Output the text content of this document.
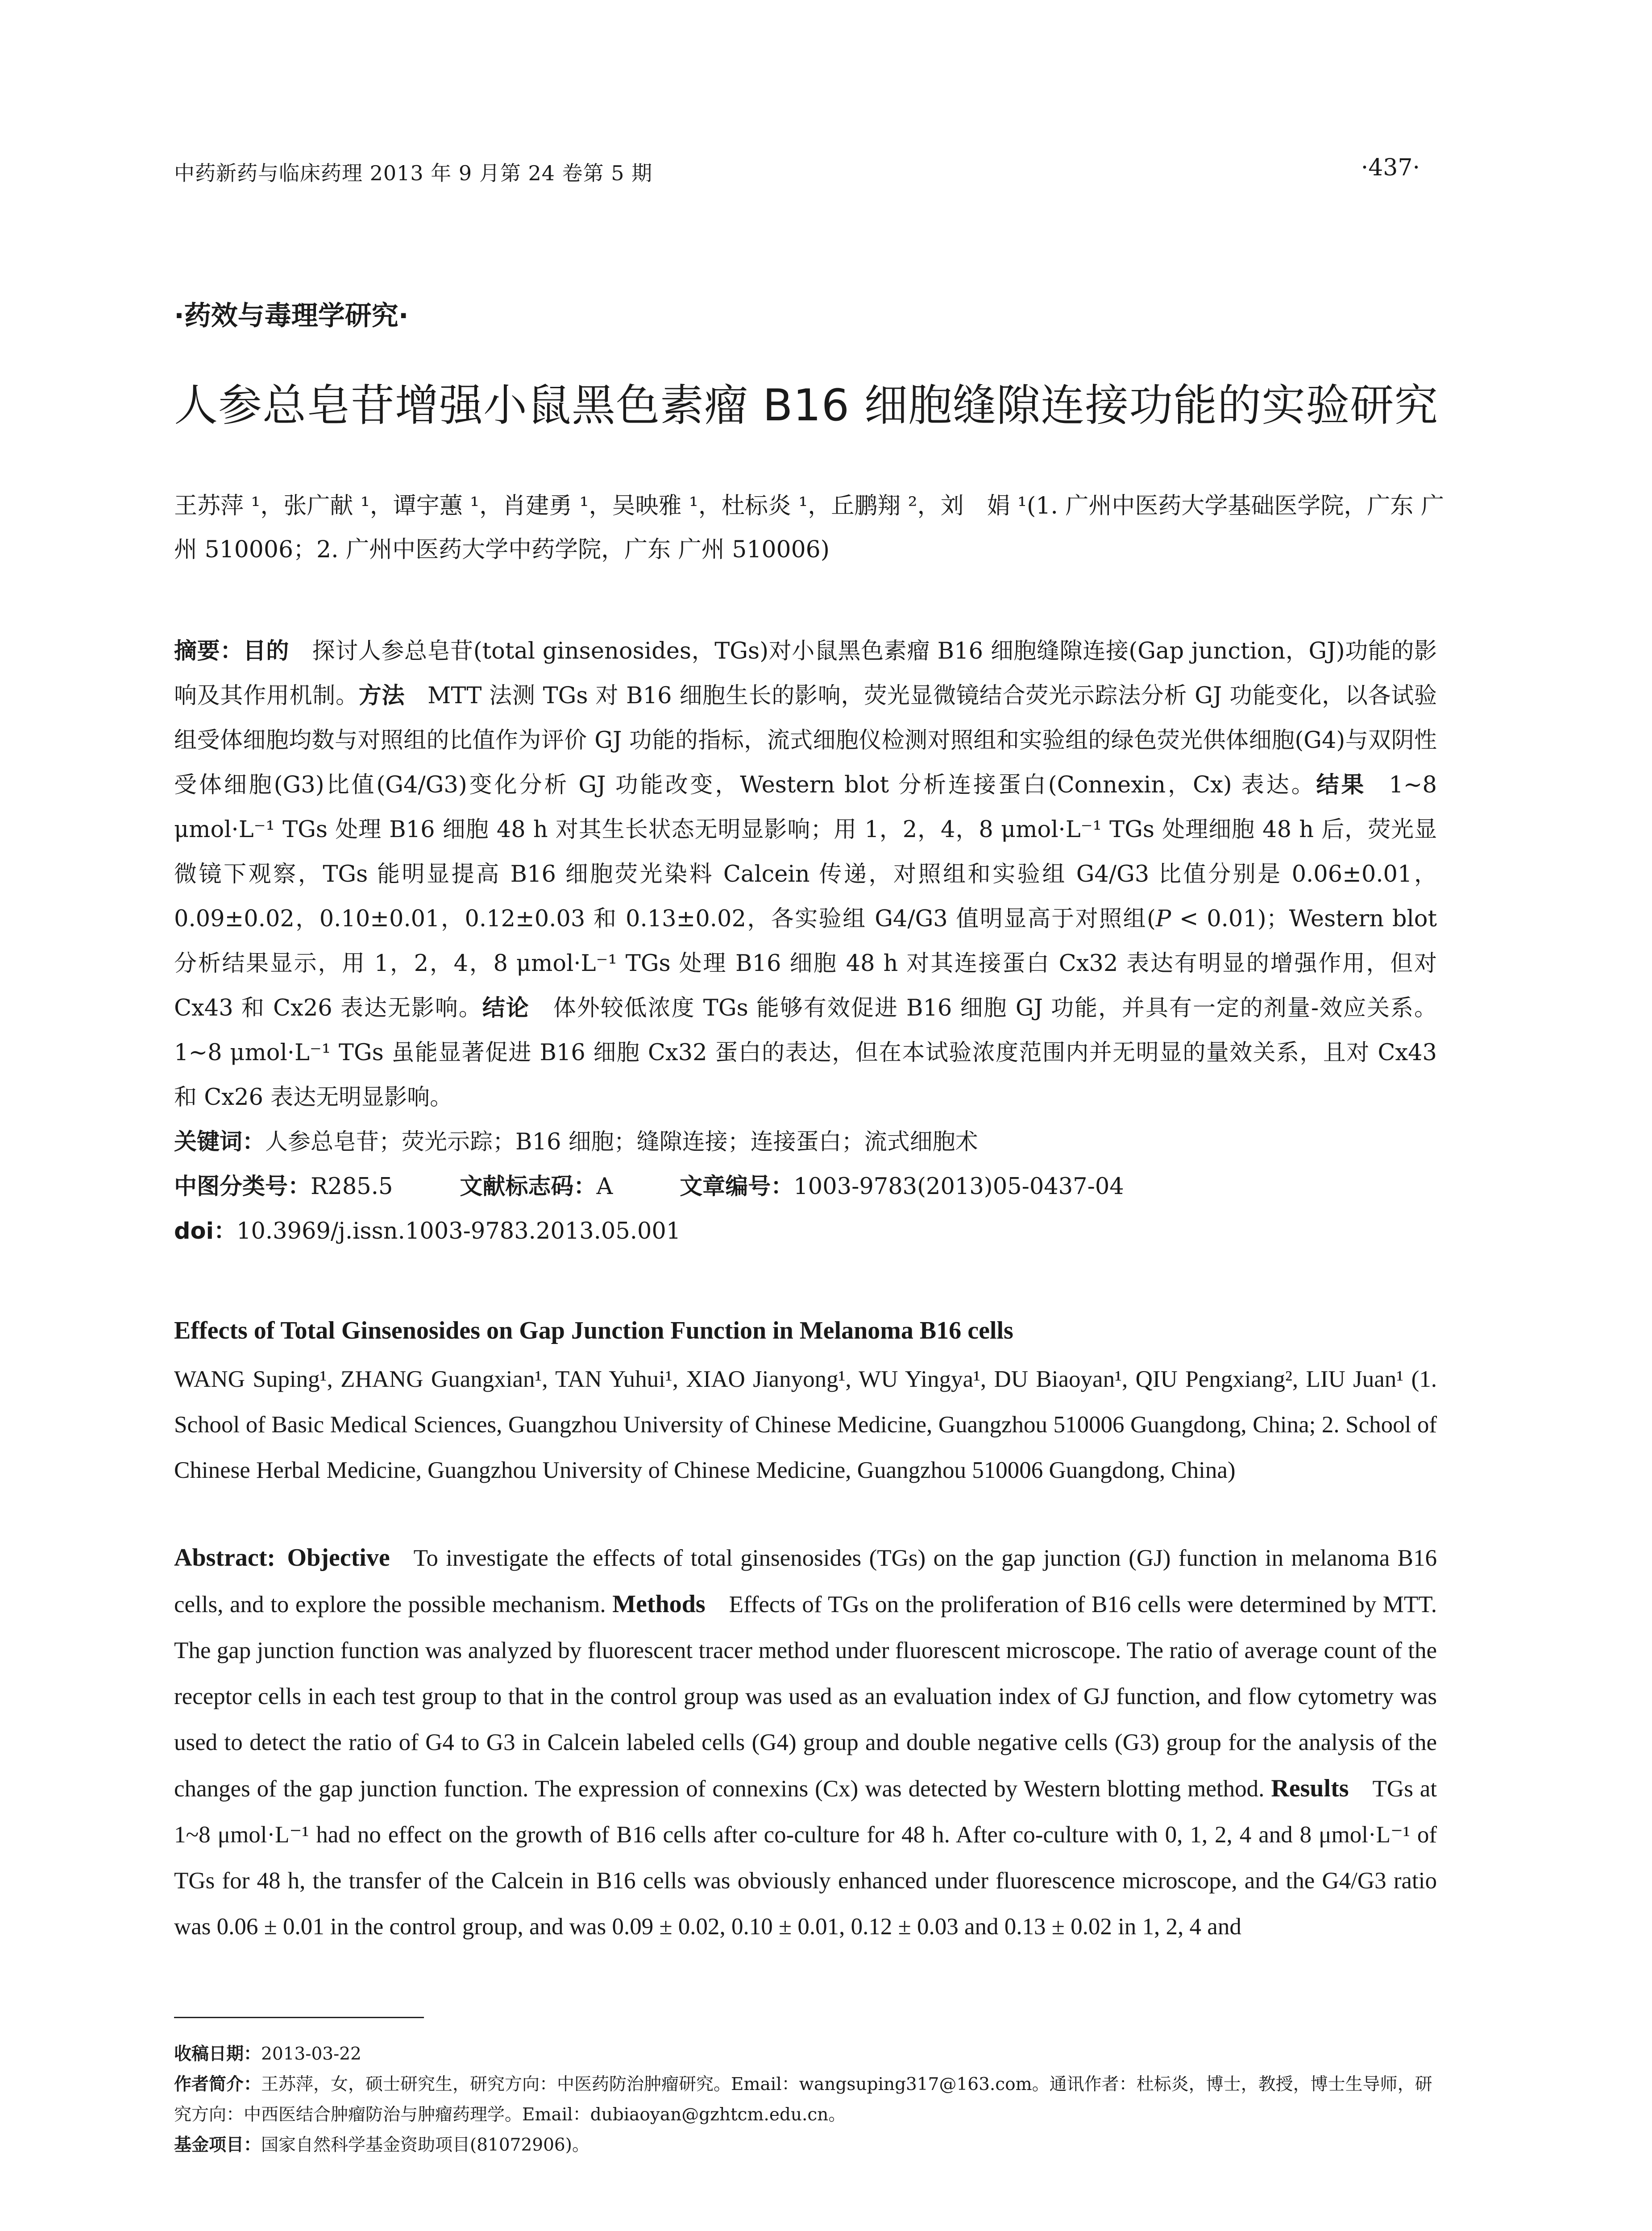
中药新药与临床药理 2013 年 9 月第 24 卷第 5 期	·437·
·药效与毒理学研究·
人参总皂苷增强小鼠黑色素瘤 B16 细胞缝隙连接功能的实验研究
王苏萍 ¹，张广献 ¹，谭宇蕙 ¹，肖建勇 ¹，吴映雅 ¹，杜标炎 ¹，丘鹏翔 ²，刘　娟 ¹(1. 广州中医药大学基础医学院，广东 广州 510006；2. 广州中医药大学中药学院，广东 广州 510006)
摘要：目的  探讨人参总皂苷(total ginsenosides，TGs)对小鼠黑色素瘤 B16 细胞缝隙连接(Gap junction，GJ)功能的影响及其作用机制。方法  MTT 法测 TGs 对 B16 细胞生长的影响，荧光显微镜结合荧光示踪法分析 GJ 功能变化，以各试验组受体细胞均数与对照组的比值作为评价 GJ 功能的指标，流式细胞仪检测对照组和实验组的绿色荧光供体细胞(G4)与双阴性受体细胞(G3)比值(G4/G3)变化分析 GJ 功能改变，Western blot 分析连接蛋白(Connexin，Cx) 表达。结果  1~8 μmol·L⁻¹ TGs 处理 B16 细胞 48 h 对其生长状态无明显影响；用 1，2，4，8 μmol·L⁻¹ TGs 处理细胞 48 h 后，荧光显微镜下观察，TGs 能明显提高 B16 细胞荧光染料 Calcein 传递，对照组和实验组 G4/G3 比值分别是 0.06±0.01，0.09±0.02，0.10±0.01，0.12±0.03 和 0.13±0.02，各实验组 G4/G3 值明显高于对照组(P < 0.01)；Western blot 分析结果显示，用 1，2，4，8 μmol·L⁻¹ TGs 处理 B16 细胞 48 h 对其连接蛋白 Cx32 表达有明显的增强作用，但对 Cx43 和 Cx26 表达无影响。结论  体外较低浓度 TGs 能够有效促进 B16 细胞 GJ 功能，并具有一定的剂量-效应关系。1~8 μmol·L⁻¹ TGs 虽能显著促进 B16 细胞 Cx32 蛋白的表达，但在本试验浓度范围内并无明显的量效关系，且对 Cx43 和 Cx26 表达无明显影响。
关键词：人参总皂苷；荧光示踪；B16 细胞；缝隙连接；连接蛋白；流式细胞术
中图分类号：R285.5	文献标志码：A	文章编号：1003-9783(2013)05-0437-04
doi：10.3969/j.issn.1003-9783.2013.05.001
Effects of Total Ginsenosides on Gap Junction Function in Melanoma B16 cells
WANG Suping¹, ZHANG Guangxian¹, TAN Yuhui¹, XIAO Jianyong¹, WU Yingya¹, DU Biaoyan¹, QIU Pengxiang², LIU Juan¹ (1. School of Basic Medical Sciences, Guangzhou University of Chinese Medicine, Guangzhou 510006 Guangdong, China; 2. School of Chinese Herbal Medicine, Guangzhou University of Chinese Medicine, Guangzhou 510006 Guangdong, China)
Abstract:  Objective  To investigate the effects of total ginsenosides (TGs) on the gap junction (GJ) function in melanoma B16 cells, and to explore the possible mechanism. Methods  Effects of TGs on the proliferation of B16 cells were determined by MTT. The gap junction function was analyzed by fluorescent tracer method under fluorescent microscope. The ratio of average count of the receptor cells in each test group to that in the control group was used as an evaluation index of GJ function, and flow cytometry was used to detect the ratio of G4 to G3 in Calcein labeled cells (G4) group and double negative cells (G3) group for the analysis of the changes of the gap junction function. The expression of connexins (Cx) was detected by Western blotting method. Results  TGs at 1~8 μmol·L⁻¹ had no effect on the growth of B16 cells after co-culture for 48 h. After co-culture with 0, 1, 2, 4 and 8 μmol·L⁻¹ of TGs for 48 h, the transfer of the Calcein in B16 cells was obviously enhanced under fluorescence microscope, and the G4/G3 ratio was 0.06 ± 0.01 in the control group, and was 0.09 ± 0.02, 0.10 ± 0.01, 0.12 ± 0.03 and 0.13 ± 0.02 in 1, 2, 4 and
收稿日期：2013-03-22
作者简介：王苏萍，女，硕士研究生，研究方向：中医药防治肿瘤研究。Email：wangsuping317@163.com。通讯作者：杜标炎，博士，教授，博士生导师，研究方向：中西医结合肿瘤防治与肿瘤药理学。Email：dubiaoyan@gzhtcm.edu.cn。
基金项目：国家自然科学基金资助项目(81072906)。
